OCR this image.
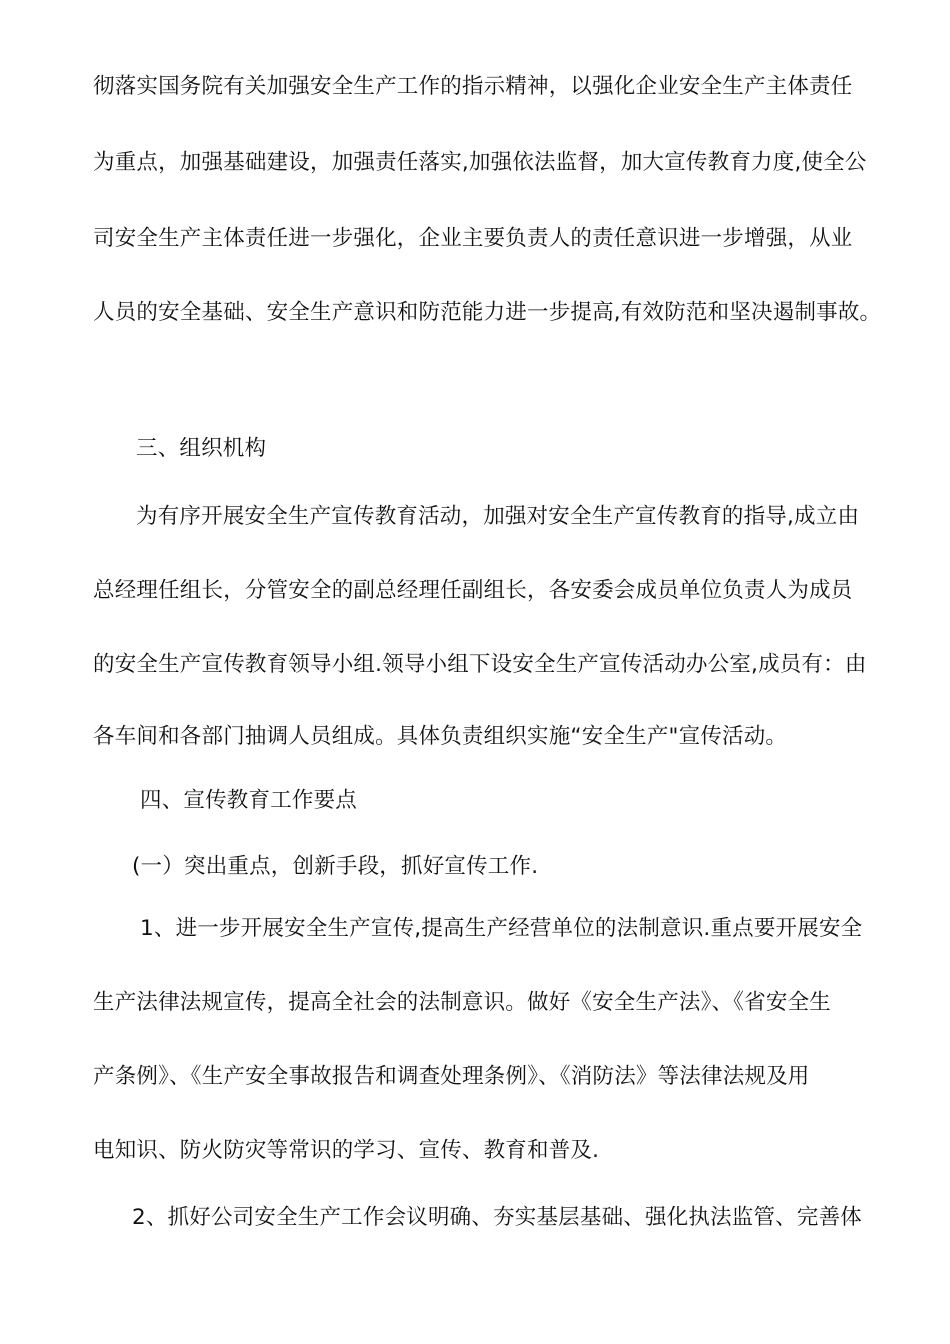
彻落实国务院有关加强安全生产工作的指示精神，以强化企业安全生产主体责任
为重点，加强基础建设，加强责任落实,加强依法监督，加大宣传教育力度,使全公
司安全生产主体责任进一步强化，企业主要负责人的责任意识进一步增强，从业
人员的安全基础、安全生产意识和防范能力进一步提高,有效防范和坚决遏制事故。
三、组织机构
为有序开展安全生产宣传教育活动，加强对安全生产宣传教育的指导,成立由
总经理任组长，分管安全的副总经理任副组长，各安委会成员单位负责人为成员
的安全生产宣传教育领导小组.领导小组下设安全生产宣传活动办公室,成员有：由
各车间和各部门抽调人员组成。具体负责组织实施“安全生产"宣传活动。
四、宣传教育工作要点
(一）突出重点，创新手段，抓好宣传工作.
1、进一步开展安全生产宣传,提高生产经营单位的法制意识.重点要开展安全
生产法律法规宣传，提高全社会的法制意识。做好《安全生产法》、《省安全生
产条例》、《生产安全事故报告和调查处理条例》、《消防法》等法律法规及用
电知识、防火防灾等常识的学习、宣传、教育和普及.
2、抓好公司安全生产工作会议明确、夯实基层基础、强化执法监管、完善体
